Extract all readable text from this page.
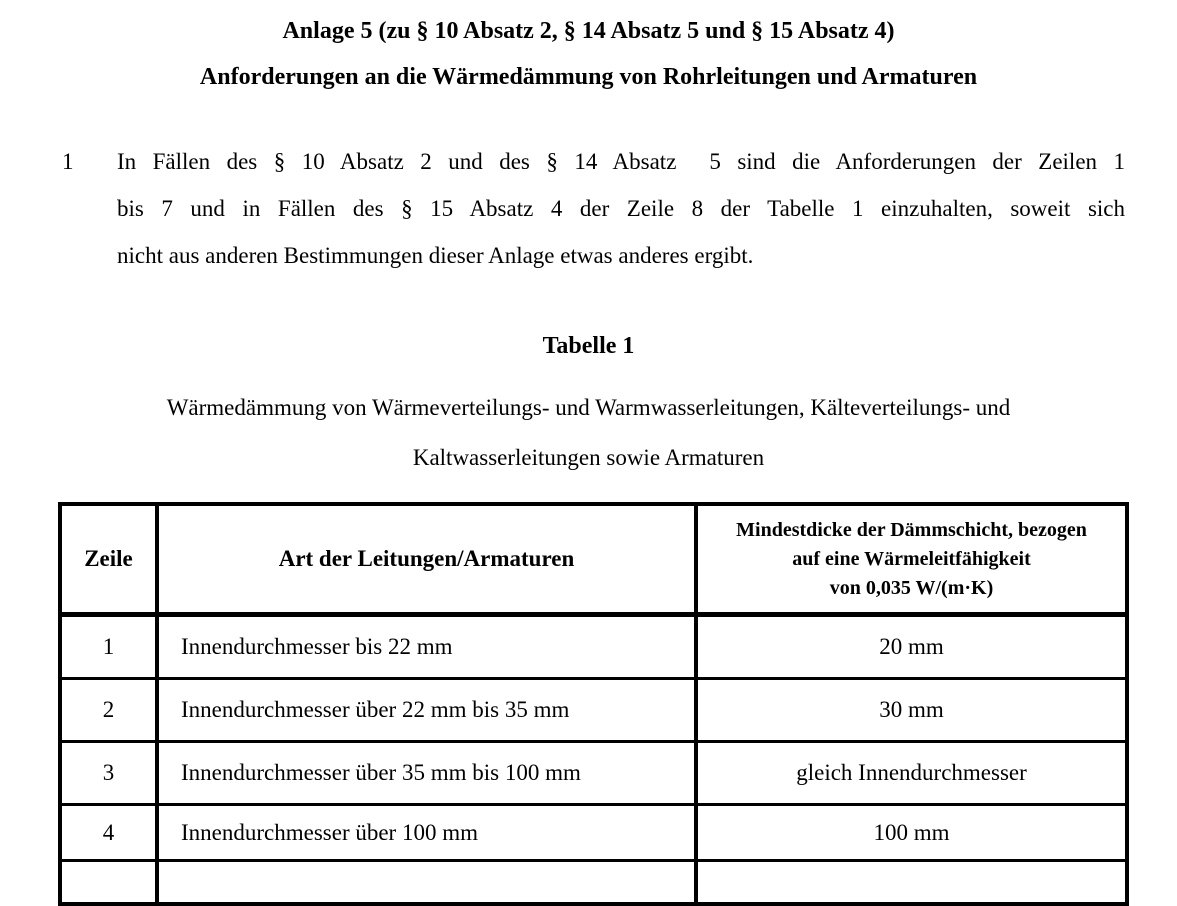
Anlage 5 (zu § 10 Absatz 2, § 14 Absatz 5 und § 15 Absatz 4)
Anforderungen an die Wärmedämmung von Rohrleitungen und Armaturen
1 In Fällen des § 10 Absatz 2 und des § 14 Absatz  5 sind die Anforderungen der Zeilen 1
bis 7 und in Fällen des § 15 Absatz 4 der Zeile 8 der Tabelle 1 einzuhalten, soweit sich
nicht aus anderen Bestimmungen dieser Anlage etwas anderes ergibt.
Tabelle 1
Wärmedämmung von Wärmeverteilungs- und Warmwasserleitungen, Kälteverteilungs- und
Kaltwasserleitungen sowie Armaturen
Zeile	Art der Leitungen/Armaturen	Mindestdicke der Dämmschicht, bezogen
auf eine Wärmeleitfähigkeit
von 0,035 W/(m·K)

1	Innendurchmesser bis 22 mm	20 mm
2	Innendurchmesser über 22 mm bis 35 mm	30 mm
3	Innendurchmesser über 35 mm bis 100 mm	gleich Innendurchmesser
4	Innendurchmesser über 100 mm	100 mm
